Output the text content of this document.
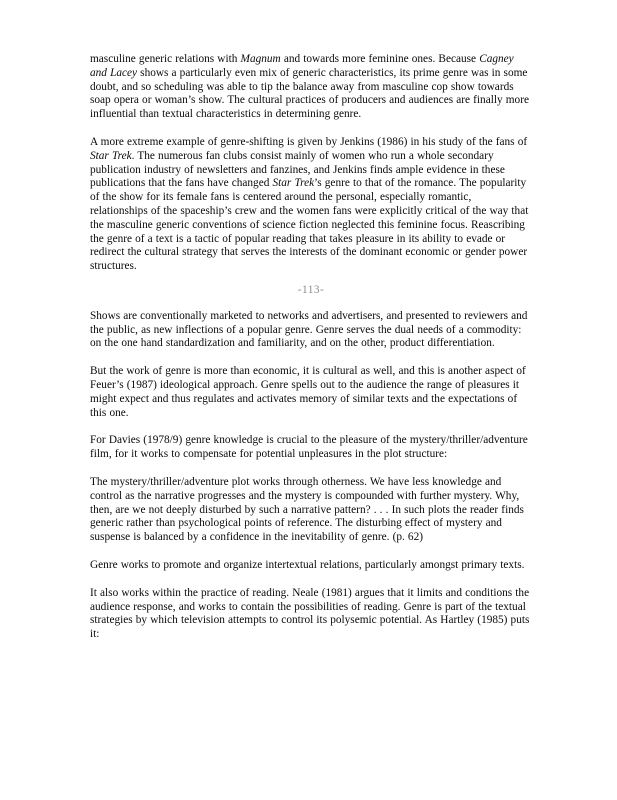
masculine generic relations with Magnum and towards more feminine ones. Because Cagney and Lacey shows a particularly even mix of generic characteristics, its prime genre was in some doubt, and so scheduling was able to tip the balance away from masculine cop show towards soap opera or woman’s show. The cultural practices of producers and audiences are finally more influential than textual characteristics in determining genre.

A more extreme example of genre-shifting is given by Jenkins (1986) in his study of the fans of Star Trek. The numerous fan clubs consist mainly of women who run a whole secondary publication industry of newsletters and fanzines, and Jenkins finds ample evidence in these publications that the fans have changed Star Trek’s genre to that of the romance. The popularity of the show for its female fans is centered around the personal, especially romantic, relationships of the spaceship’s crew and the women fans were explicitly critical of the way that the masculine generic conventions of science fiction neglected this feminine focus. Reascribing the genre of a text is a tactic of popular reading that takes pleasure in its ability to evade or redirect the cultural strategy that serves the interests of the dominant economic or gender power structures.

-113-

Shows are conventionally marketed to networks and advertisers, and presented to reviewers and the public, as new inflections of a popular genre. Genre serves the dual needs of a commodity: on the one hand standardization and familiarity, and on the other, product differentiation.

But the work of genre is more than economic, it is cultural as well, and this is another aspect of Feuer’s (1987) ideological approach. Genre spells out to the audience the range of pleasures it might expect and thus regulates and activates memory of similar texts and the expectations of this one.

For Davies (1978/9) genre knowledge is crucial to the pleasure of the mystery/thriller/adventure film, for it works to compensate for potential unpleasures in the plot structure:

The mystery/thriller/adventure plot works through otherness. We have less knowledge and control as the narrative progresses and the mystery is compounded with further mystery. Why, then, are we not deeply disturbed by such a narrative pattern? . . . In such plots the reader finds generic rather than psychological points of reference. The disturbing effect of mystery and suspense is balanced by a confidence in the inevitability of genre. (p. 62)

Genre works to promote and organize intertextual relations, particularly amongst primary texts.

It also works within the practice of reading. Neale (1981) argues that it limits and conditions the audience response, and works to contain the possibilities of reading. Genre is part of the textual strategies by which television attempts to control its polysemic potential. As Hartley (1985) puts it:
